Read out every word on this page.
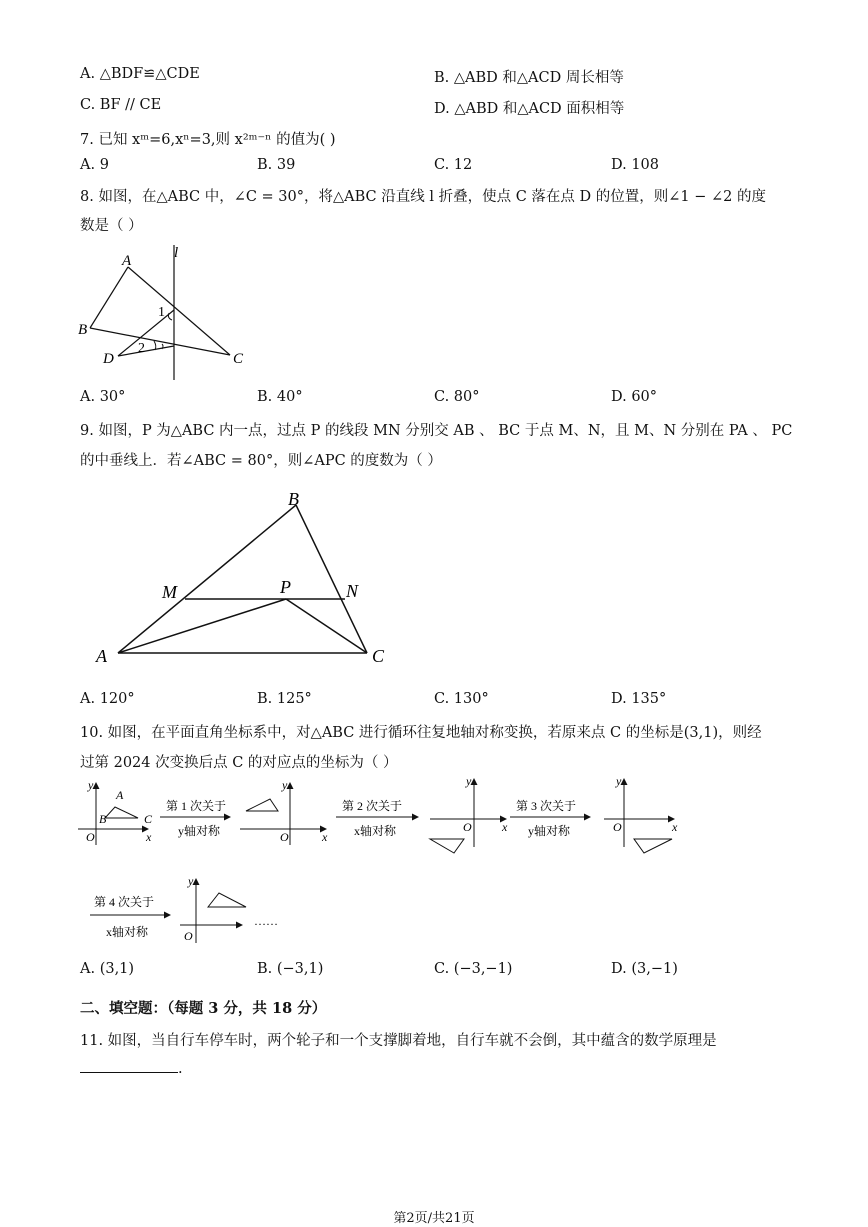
A. △BDF≌△CDE	B. △ABD 和△ACD 周长相等
C. BF // CE	D. △ABD 和△ACD 面积相等
7. 已知 xᵐ=6,xⁿ=3,则 x²ᵐ⁻ⁿ 的值为( )
A. 9	B. 39	C. 12	D. 108
8. 如图，在△ABC 中，∠C = 30°，将△ABC 沿直线 l 折叠，使点 C 落在点 D 的位置，则∠1 − ∠2 的度
数是（ ）
A
B
C
D
l
1
2
A. 30°	B. 40°	C. 80°	D. 60°
9. 如图，P 为△ABC 内一点，过点 P 的线段 MN 分别交 AB 、 BC 于点 M、N，且 M、N 分别在 PA 、 PC
的中垂线上．若∠ABC = 80°，则∠APC 的度数为（ ）
B
M	P	N
A	C
A. 120°	B. 125°	C. 130°	D. 135°
10. 如图，在平面直角坐标系中，对△ABC 进行循环往复地轴对称变换，若原来点 C 的坐标是(3,1)，则经
过第 2024 次变换后点 C 的对应点的坐标为（ ）
y
x
O
A
B	C
第 1 次关于
y轴对称
y
x
O
第 2 次关于
x轴对称
y
x
O
第 3 次关于
y轴对称
y
x
O
第 4 次关于
x轴对称
y
O
……
A. (3,1)	B. (−3,1)	C. (−3,−1)	D. (3,−1)
二、填空题：（每题 3 分，共 18 分）
11. 如图，当自行车停车时，两个轮子和一个支撑脚着地，自行车就不会倒，其中蕴含的数学原理是
.
第2页/共21页
